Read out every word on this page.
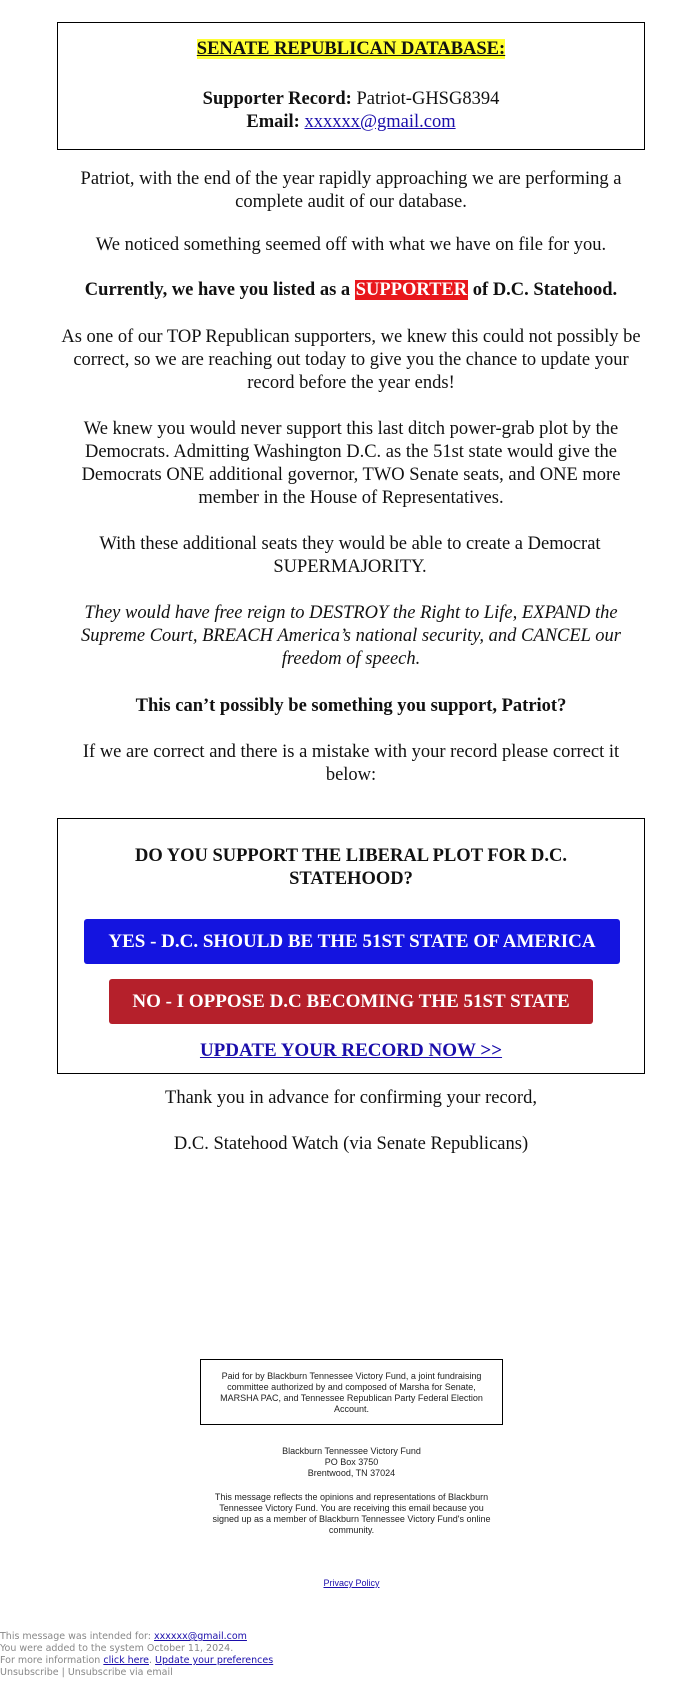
SENATE REPUBLICAN DATABASE:
Supporter Record: Patriot-GHSG8394
Email: xxxxxx@gmail.com
Patriot, with the end of the year rapidly approaching we are performing a complete audit of our database.
We noticed something seemed off with what we have on file for you.
Currently, we have you listed as a SUPPORTER of D.C. Statehood.
As one of our TOP Republican supporters, we knew this could not possibly be correct, so we are reaching out today to give you the chance to update your record before the year ends!
We knew you would never support this last ditch power-grab plot by the Democrats. Admitting Washington D.C. as the 51st state would give the Democrats ONE additional governor, TWO Senate seats, and ONE more member in the House of Representatives.
With these additional seats they would be able to create a Democrat SUPERMAJORITY.
They would have free reign to DESTROY the Right to Life, EXPAND the Supreme Court, BREACH America’s national security, and CANCEL our freedom of speech.
This can’t possibly be something you support, Patriot?
If we are correct and there is a mistake with your record please correct it below:
DO YOU SUPPORT THE LIBERAL PLOT FOR D.C. STATEHOOD?
YES - D.C. SHOULD BE THE 51ST STATE OF AMERICA
NO - I OPPOSE D.C BECOMING THE 51ST STATE
UPDATE YOUR RECORD NOW >>
Thank you in advance for confirming your record,
D.C. Statehood Watch (via Senate Republicans)
Paid for by Blackburn Tennessee Victory Fund, a joint fundraising committee authorized by and composed of Marsha for Senate, MARSHA PAC, and Tennessee Republican Party Federal Election Account.
Blackburn Tennessee Victory Fund
PO Box 3750
Brentwood, TN 37024
This message reflects the opinions and representations of Blackburn Tennessee Victory Fund. You are receiving this email because you signed up as a member of Blackburn Tennessee Victory Fund's online community.
Privacy Policy
This message was intended for: xxxxxx@gmail.com
You were added to the system October 11, 2024.
For more information click here. Update your preferences
Unsubscribe | Unsubscribe via email
